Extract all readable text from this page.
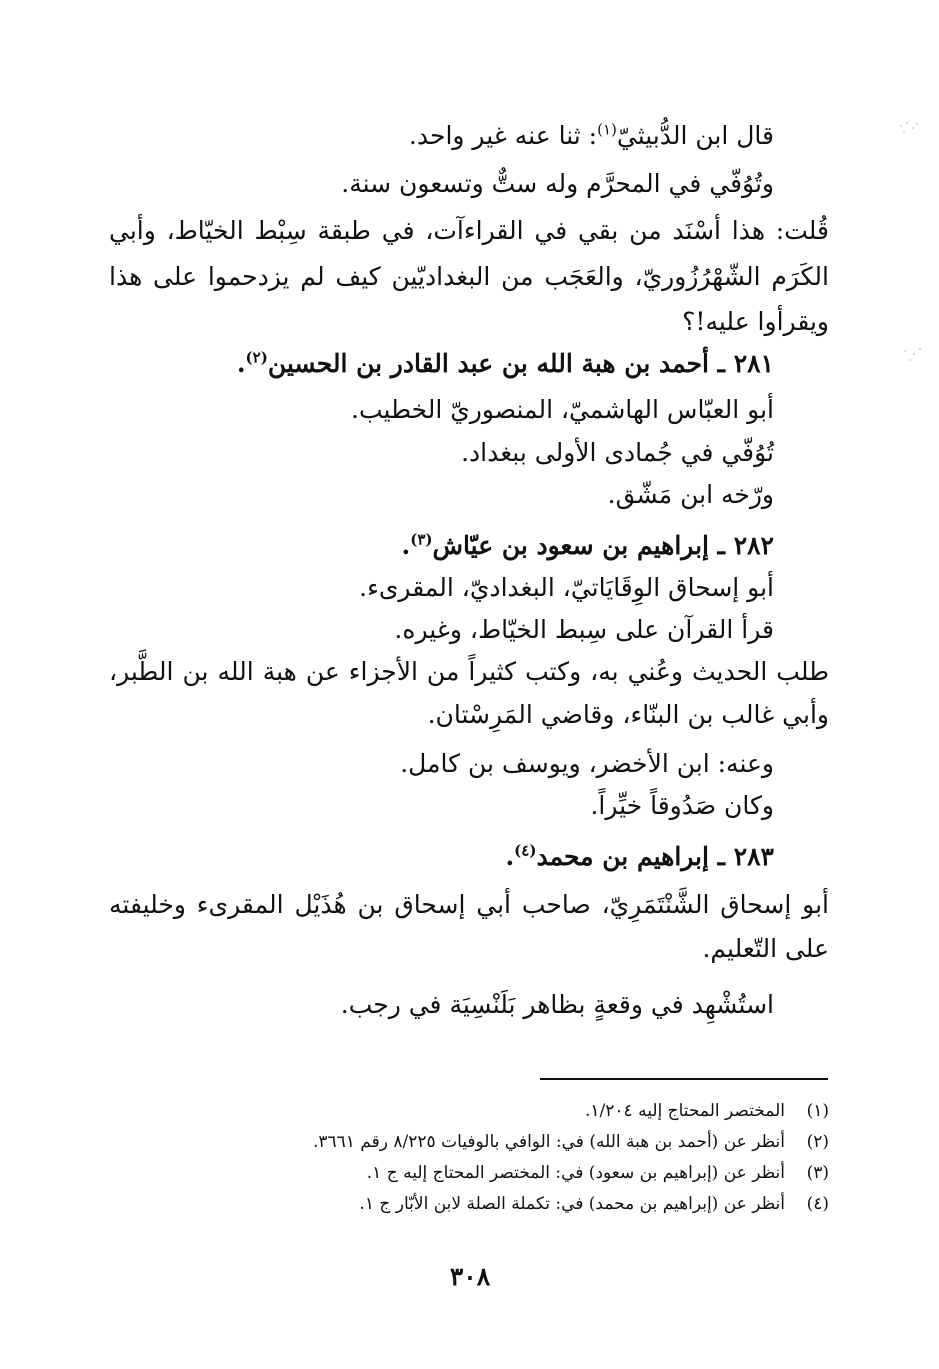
قال ابن الدُّبيثيّ$^{(١)}$: ثنا عنه غير واحد.
وتُوُفّي في المحرَّم وله ستٌّ وتسعون سنة.
قُلت: هذا أسْنَد من بقي في القراءآت، في طبقة سِبْط الخيّاط، وأبي
الكَرَم الشّهْرُزُوريّ، والعَجَب من البغداديّين كيف لم يزدحموا على هذا
ويقرأوا عليه!؟
٢٨١ ـ أحمد بن هبة الله بن عبد القادر بن الحسين$^{(٢)}$.
أبو العبّاس الهاشميّ، المنصوريّ الخطيب.
تُوُفّي في جُمادى الأولى ببغداد.
ورّخه ابن مَشّق.
٢٨٢ ـ إبراهيم بن سعود بن عيّاش$^{(٣)}$.
أبو إسحاق الوِقَايَاتيّ، البغداديّ، المقرىء.
قرأ القرآن على سِبط الخيّاط، وغيره.
طلب الحديث وعُني به، وكتب كثيراً من الأجزاء عن هبة الله بن الطَّبر،
وأبي غالب بن البنّاء، وقاضي المَرِسْتان.
وعنه: ابن الأخضر، ويوسف بن كامل.
وكان صَدُوقاً خيِّراً.
٢٨٣ ـ إبراهيم بن محمد$^{(٤)}$.
أبو إسحاق الشَّنْتَمَرِيّ، صاحب أبي إسحاق بن هُذَيْل المقرىء وخليفته
على التّعليم.
استُشْهِد في وقعةٍ بظاهر بَلَنْسِيَة في رجب.
(١)المختصر المحتاج إليه ١/٢٠٤.
(٢)أنظر عن (أحمد بن هبة الله) في: الوافي بالوفيات ٨/٢٢٥ رقم ٣٦٦١.
(٣)أنظر عن (إبراهيم بن سعود) في: المختصر المحتاج إليه ج ١.
(٤)أنظر عن (إبراهيم بن محمد) في: تكملة الصلة لابن الأبّار ج ١.
٣٠٨
